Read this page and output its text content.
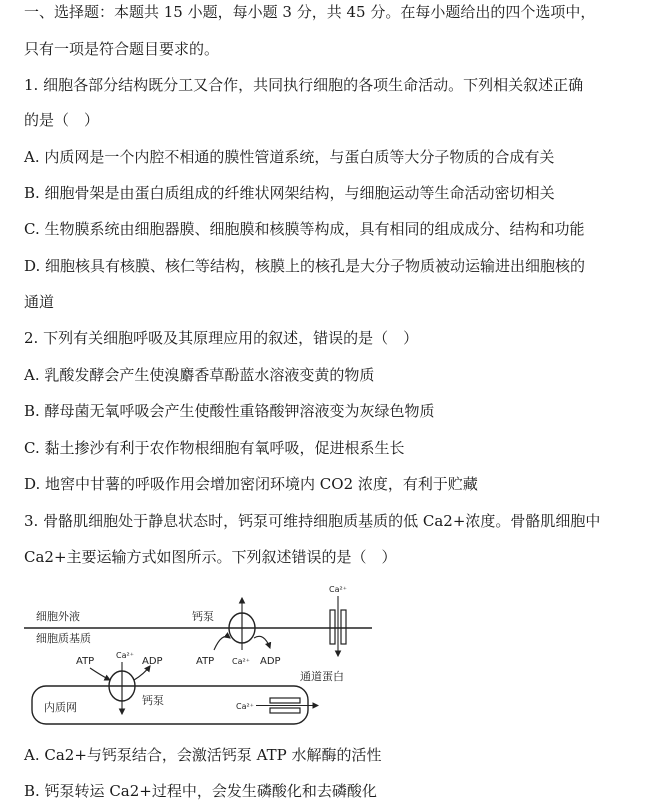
一、选择题：本题共 15 小题，每小题 3 分，共 45 分。在每小题给出的四个选项中，
只有一项是符合题目要求的。
1. 细胞各部分结构既分工又合作，共同执行细胞的各项生命活动。下列相关叙述正确
的是（　）
A. 内质网是一个内腔不相通的膜性管道系统，与蛋白质等大分子物质的合成有关
B. 细胞骨架是由蛋白质组成的纤维状网架结构，与细胞运动等生命活动密切相关
C. 生物膜系统由细胞器膜、细胞膜和核膜等构成，具有相同的组成成分、结构和功能
D. 细胞核具有核膜、核仁等结构，核膜上的核孔是大分子物质被动运输进出细胞核的
通道
2. 下列有关细胞呼吸及其原理应用的叙述，错误的是（　）
A. 乳酸发酵会产生使溴麝香草酚蓝水溶液变黄的物质
B. 酵母菌无氧呼吸会产生使酸性重铬酸钾溶液变为灰绿色物质
C. 黏土掺沙有利于农作物根细胞有氧呼吸，促进根系生长
D. 地窖中甘薯的呼吸作用会增加密闭环境内 CO2 浓度，有利于贮藏
3. 骨骼肌细胞处于静息状态时，钙泵可维持细胞质基质的低 Ca2+浓度。骨骼肌细胞中
Ca2+主要运输方式如图所示。下列叙述错误的是（　）
细胞外液
细胞质基质
钙泵
ATP Ca²⁺ ADP
Ca²⁺
通道蛋白
内质网
ATP
Ca²⁺
ADP
钙泵	Ca²⁺
A. Ca2+与钙泵结合，会激活钙泵 ATP 水解酶的活性
B. 钙泵转运 Ca2+过程中，会发生磷酸化和去磷酸化
